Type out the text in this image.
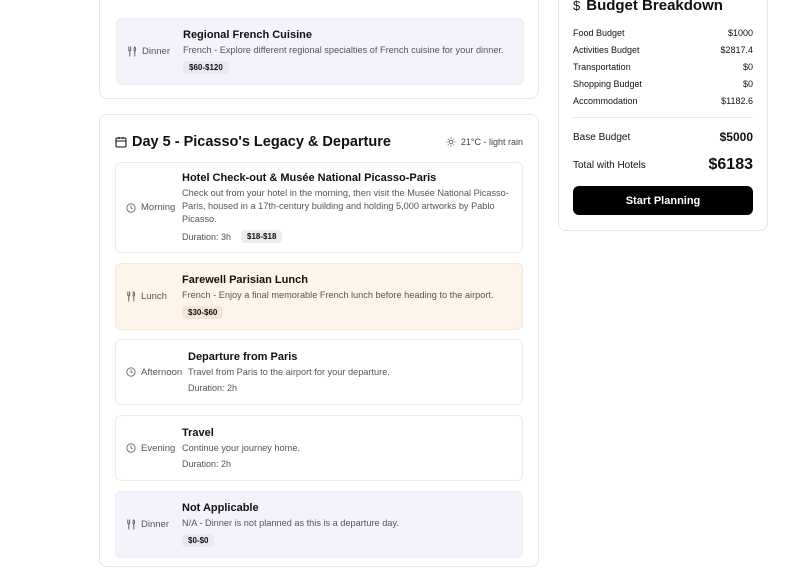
Dinner
Regional French Cuisine
French - Explore different regional specialties of French cuisine for your dinner.
$60-$120
Day 5 - Picasso's Legacy & Departure	21°C - light rain
Morning
Hotel Check-out & Musée National Picasso-Paris
Check out from your hotel in the morning, then visit the Musée National Picasso-Paris, housed in a 17th-century building and holding 5,000 artworks by Pablo Picasso.
Duration: 3h	$18-$18
Lunch
Farewell Parisian Lunch
French - Enjoy a final memorable French lunch before heading to the airport.
$30-$60
Afternoon
Departure from Paris
Travel from Paris to the airport for your departure.
Duration: 2h
Evening
Travel
Continue your journey home.
Duration: 2h
Dinner
Not Applicable
N/A - Dinner is not planned as this is a departure day.
$0-$0
$ Budget Breakdown
Food Budget	$1000
Activities Budget	$2817.4
Transportation	$0
Shopping Budget	$0
Accommodation	$1182.6
Base Budget	$5000
Total with Hotels	$6183
Start Planning
